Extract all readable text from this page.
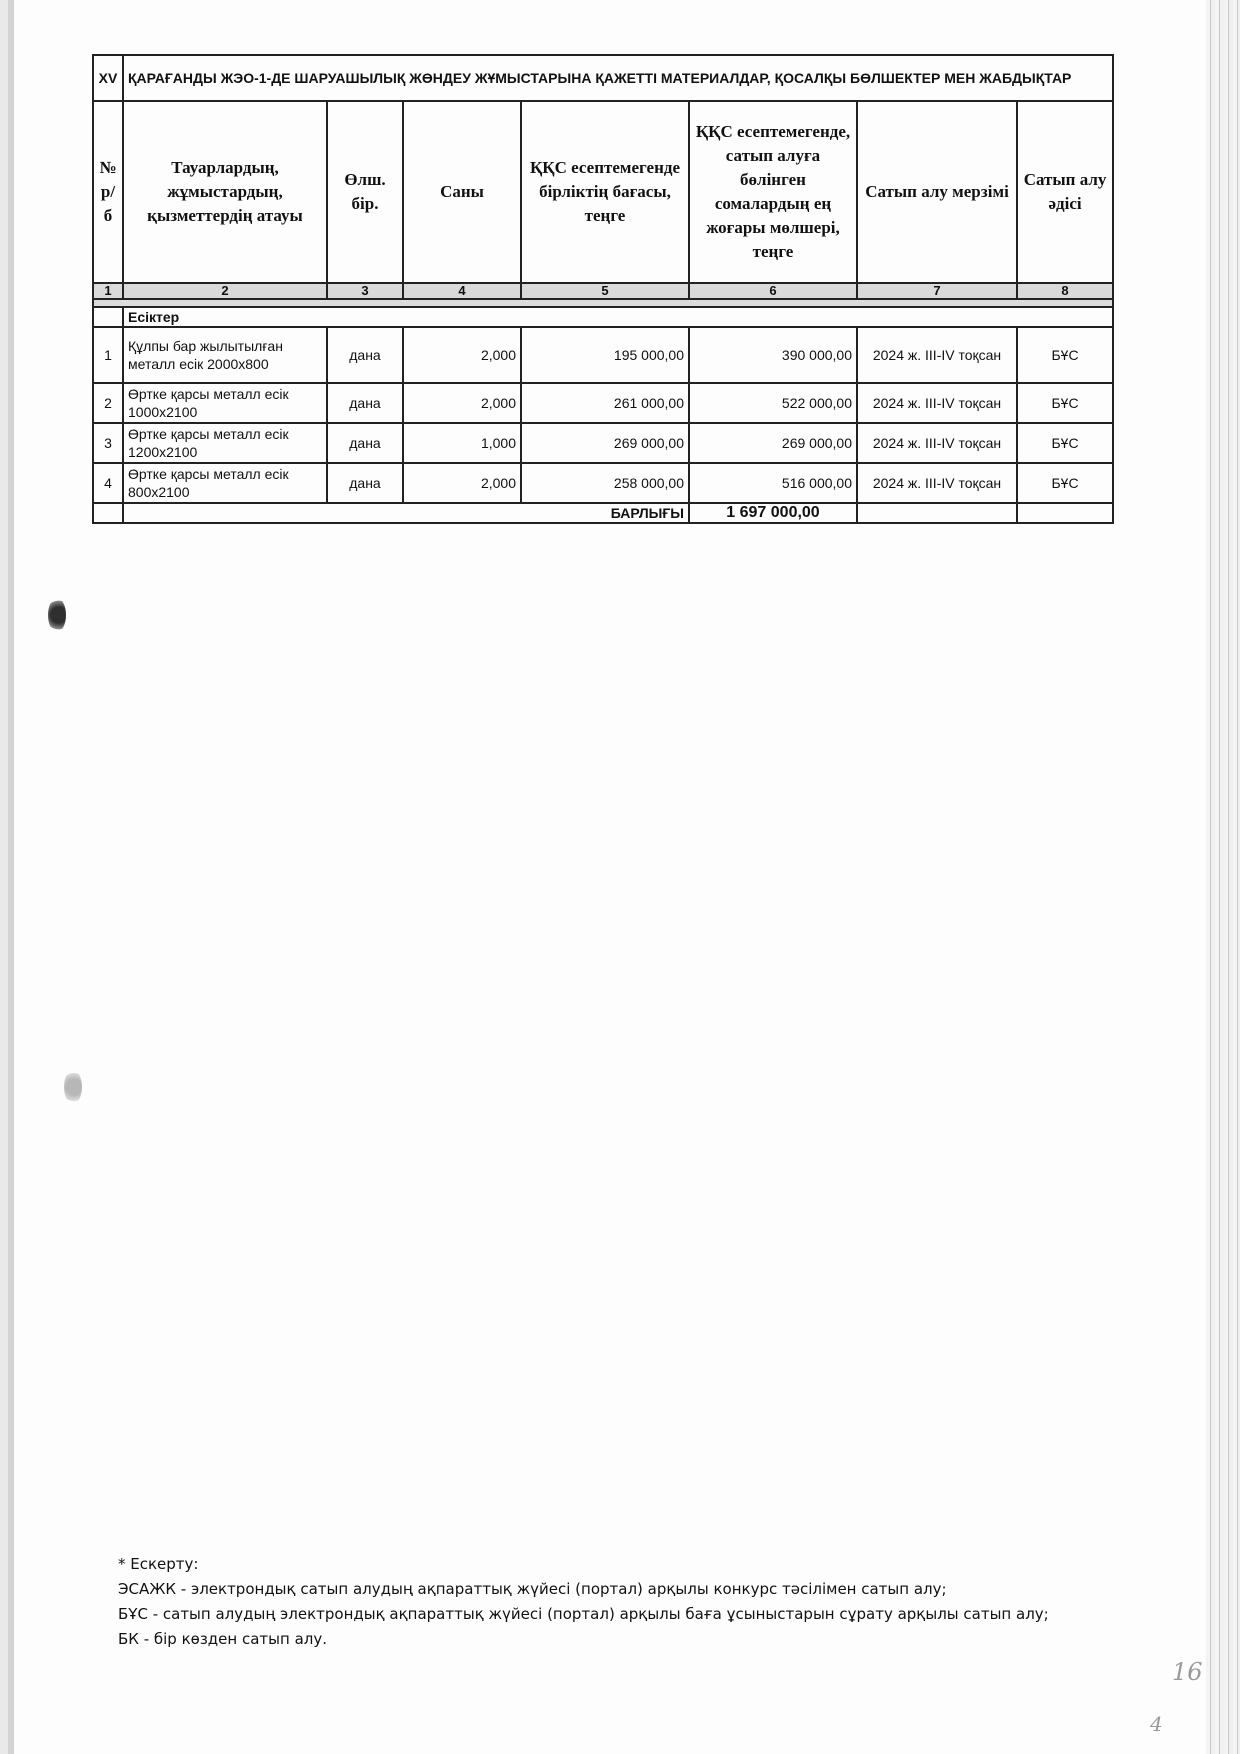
XV	ҚАРАҒАНДЫ ЖЭО-1-ДЕ ШАРУАШЫЛЫҚ ЖӨНДЕУ ЖҰМЫСТАРЫНА ҚАЖЕТТІ МАТЕРИАЛДАР, ҚОСАЛҚЫ БӨЛШЕКТЕР МЕН ЖАБДЫҚТАР						
№ р/б	Тауарлардың, жұмыстардың, қызметтердің атауы	Өлш. бір.	Саны	ҚҚС есептемегенде бірліктің бағасы, теңге	ҚҚС есептемегенде, сатып алуға бөлінген сомалардың ең жоғары мөлшері, теңге	Сатып алу мерзімі	Сатып алу әдісі
1	2	3	4	5	6	7	8

	Есіктер						
1	Құлпы бар жылытылған металл есік 2000х800	дана	2,000	195 000,00	390 000,00	2024 ж. III-IV тоқсан	БҰС
2	Өртке қарсы металл есік 1000х2100	дана	2,000	261 000,00	522 000,00	2024 ж. III-IV тоқсан	БҰС
3	Өртке қарсы металл есік 1200х2100	дана	1,000	269 000,00	269 000,00	2024 ж. III-IV тоқсан	БҰС
4	Өртке қарсы металл есік 800х2100	дана	2,000	258 000,00	516 000,00	2024 ж. III-IV тоқсан	БҰС
	БАРЛЫҒЫ				1 697 000,00		
* Ескерту:
ЭСАЖК - электрондық сатып алудың ақпараттық жүйесі (портал) арқылы конкурс тәсілімен сатып алу;
БҰС - сатып алудың электрондық ақпараттық жүйесі (портал) арқылы баға ұсыныстарын сұрату арқылы сатып алу;
БК - бір көзден сатып алу.
16
4
